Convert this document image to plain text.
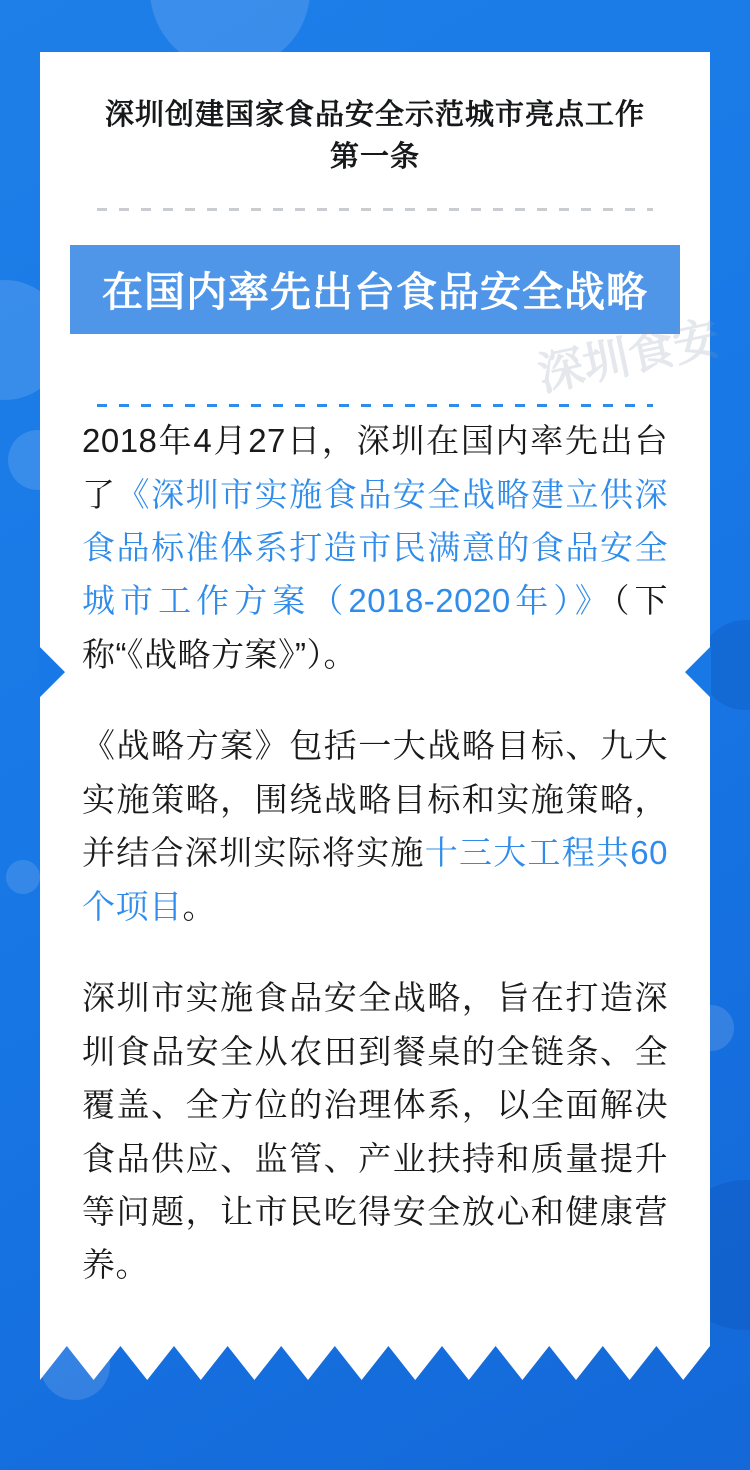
深圳创建国家食品安全示范城市亮点工作
第一条
在国内率先出台食品安全战略

2018年4月27日，深圳在国内率先出台了《深圳市实施食品安全战略建立供深食品标准体系打造市民满意的食品安全城市工作方案（2018-2020年）》（下称“《战略方案》”）。

《战略方案》包括一大战略目标、九大实施策略，围绕战略目标和实施策略，并结合深圳实际将实施十三大工程共60个项目。

深圳市实施食品安全战略，旨在打造深圳食品安全从农田到餐桌的全链条、全覆盖、全方位的治理体系，以全面解决食品供应、监管、产业扶持和质量提升等问题，让市民吃得安全放心和健康营养。

深圳食安
